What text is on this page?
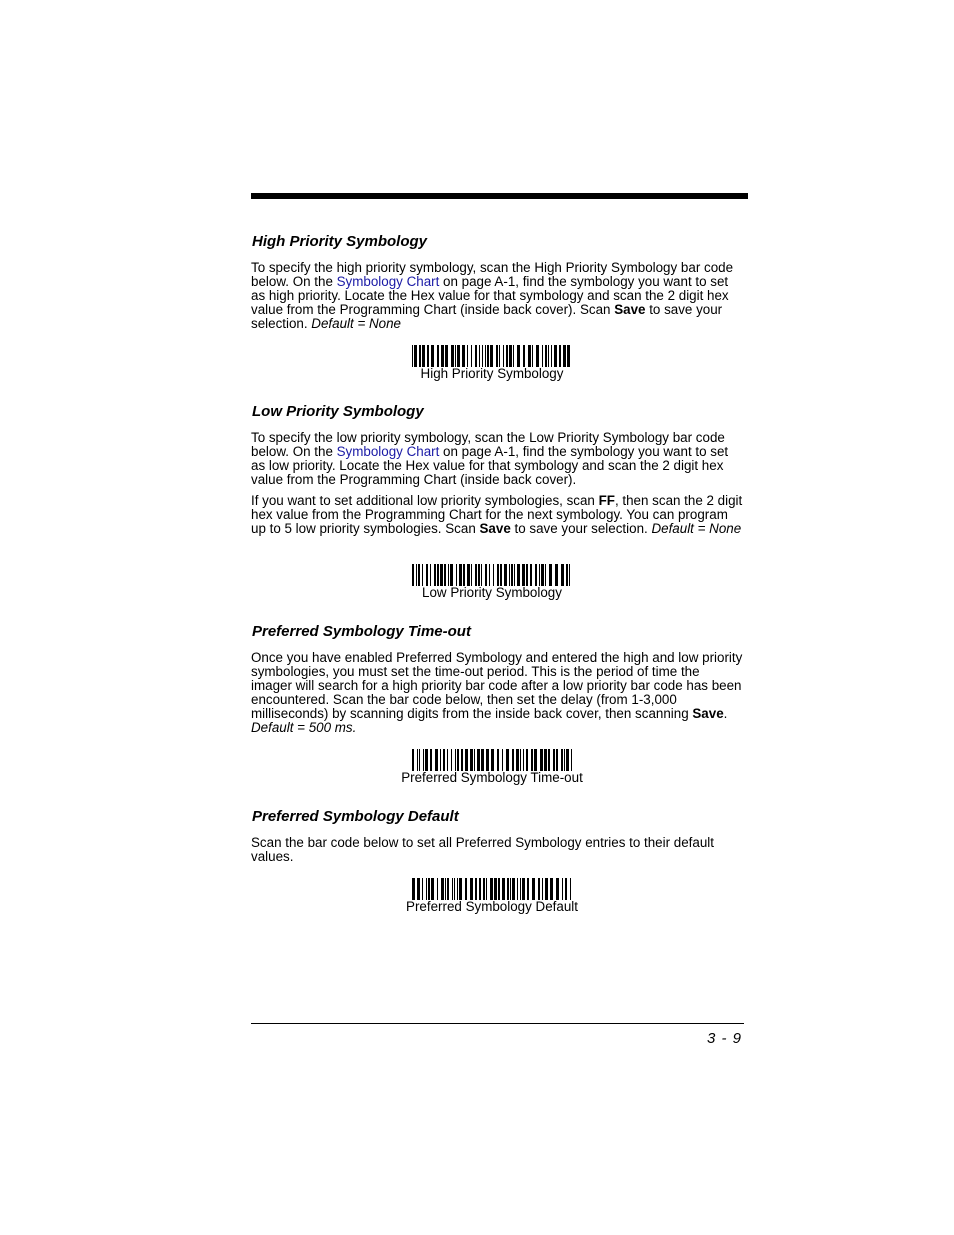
High Priority Symbology

To specify the high priority symbology, scan the High Priority Symbology bar code below. On the Symbology Chart on page A-1, find the symbology you want to set as high priority. Locate the Hex value for that symbology and scan the 2 digit hex value from the Programming Chart (inside back cover). Scan Save to save your selection. Default = None

High Priority Symbology
Low Priority Symbology

To specify the low priority symbology, scan the Low Priority Symbology bar code below. On the Symbology Chart on page A-1, find the symbology you want to set as low priority. Locate the Hex value for that symbology and scan the 2 digit hex value from the Programming Chart (inside back cover).

If you want to set additional low priority symbologies, scan FF, then scan the 2 digit hex value from the Programming Chart for the next symbology. You can program up to 5 low priority symbologies. Scan Save to save your selection. Default = None

Low Priority Symbology
Preferred Symbology Time-out

Once you have enabled Preferred Symbology and entered the high and low priority symbologies, you must set the time-out period. This is the period of time the imager will search for a high priority bar code after a low priority bar code has been encountered. Scan the bar code below, then set the delay (from 1-3,000 milliseconds) by scanning digits from the inside back cover, then scanning Save. Default = 500 ms.

Preferred Symbology Time-out
Preferred Symbology Default

Scan the bar code below to set all Preferred Symbology entries to their default values.

Preferred Symbology Default
3 - 9
